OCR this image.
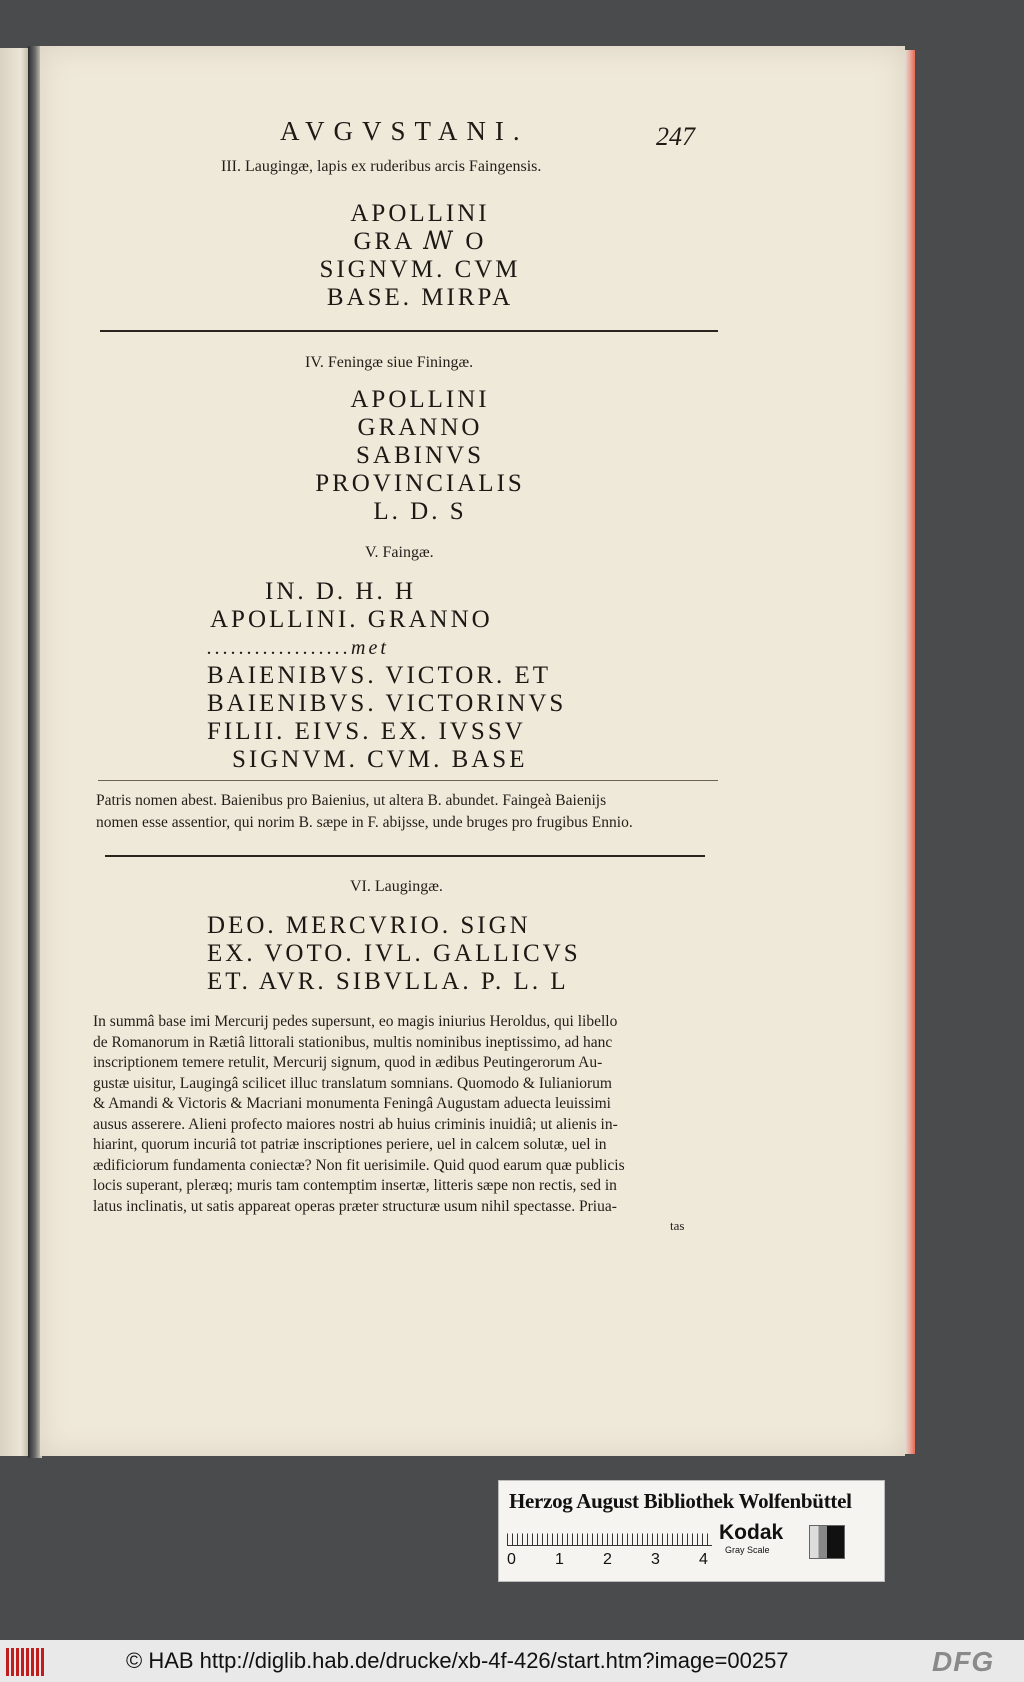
AVGVSTANI.	247
III. Laugingæ, lapis ex ruderibus arcis Faingensis.
APOLLINI
GRA ꟿ O
SIGNVM. CVM
BASE. MIRPA
IV. Feningæ siue Finingæ.
APOLLINI
GRANNO
SABINVS
PROVINCIALIS
L. D. S
V. Faingæ.
IN. D. H. H
APOLLINI. GRANNO
..................met
BAIENIBVS. VICTOR. ET
BAIENIBVS. VICTORINVS
FILII. EIVS. EX. IVSSV
SIGNVM. CVM. BASE
Patris nomen abest. Baienibus pro Baienius, ut altera B. abundet. Faingeà Baienijs
nomen esse assentior, qui norim B. sæpe in F. abijsse, unde bruges pro frugibus Ennio.
VI. Laugingæ.
DEO. MERCVRIO. SIGN
EX. VOTO. IVL. GALLICVS
ET. AVR. SIBVLLA. P. L. L
In summâ base imi Mercurij pedes supersunt, eo magis iniurius Heroldus, qui libello
de Romanorum in Rætiâ littorali stationibus, multis nominibus ineptissimo, ad hanc
inscriptionem temere retulit, Mercurij signum, quod in ædibus Peutingerorum Au-
gustæ uisitur, Laugingâ scilicet illuc translatum somnians. Quomodo & Iulianiorum
& Amandi & Victoris & Macriani monumenta Feningâ Augustam aduecta leuissimi
ausus asserere. Alieni profecto maiores nostri ab huius criminis inuidiâ; ut alienis in-
hiarint, quorum incuriâ tot patriæ inscriptiones periere, uel in calcem solutæ, uel in
ædificiorum fundamenta coniectæ? Non fit uerisimile. Quid quod earum quæ publicis
locis superant, pleræq; muris tam contemptim insertæ, litteris sæpe non rectis, sed in
latus inclinatis, ut satis appareat operas præter structuræ usum nihil spectasse. Priua-
tas
Herzog August Bibliothek Wolfenbüttel
0 1 2 3 4
Kodak
Gray Scale
© HAB http://diglib.hab.de/drucke/xb-4f-426/start.htm?image=00257	DFG
